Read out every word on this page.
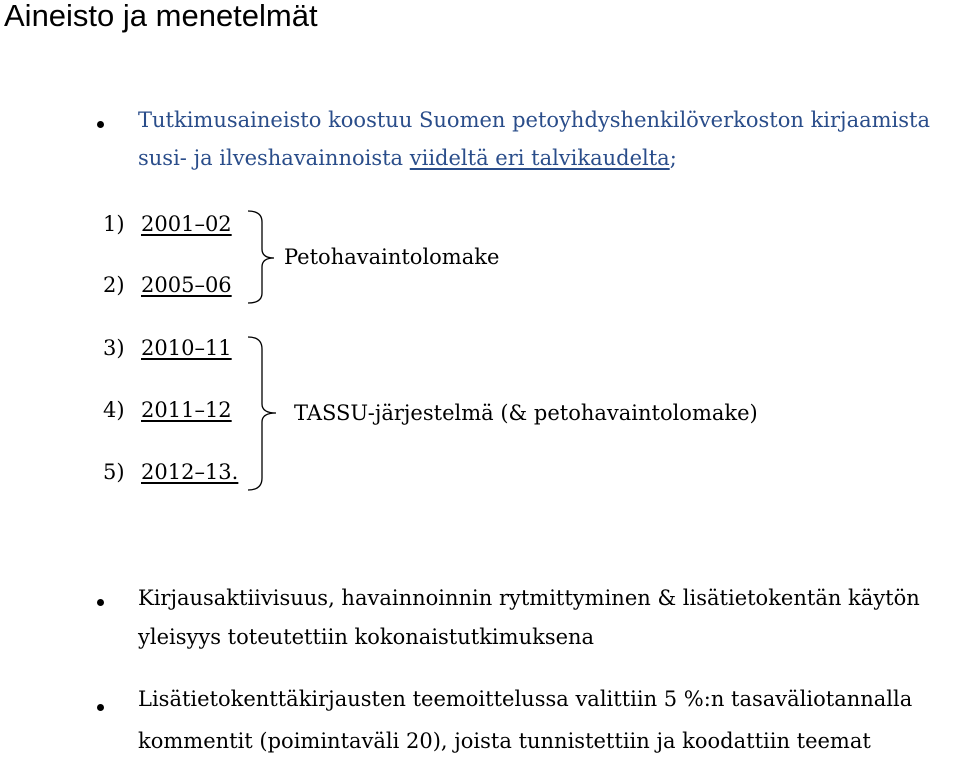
Aineisto ja menetelmät
Tutkimusaineisto koostuu Suomen petoyhdyshenkilöverkoston kirjaamista
susi- ja ilveshavainnoista viideltä eri talvikaudelta;
1) 2001–02
2) 2005–06
3) 2010–11
4) 2011–12
5) 2012–13.
Petohavaintolomake
TASSU-järjestelmä (& petohavaintolomake)
Kirjausaktiivisuus, havainnoinnin rytmittyminen & lisätietokentän käytön
yleisyys toteutettiin kokonaistutkimuksena
Lisätietokenttäkirjausten teemoittelussa valittiin 5 %:n tasaväliotannalla
kommentit (poimintaväli 20), joista tunnistettiin ja koodattiin teemat
